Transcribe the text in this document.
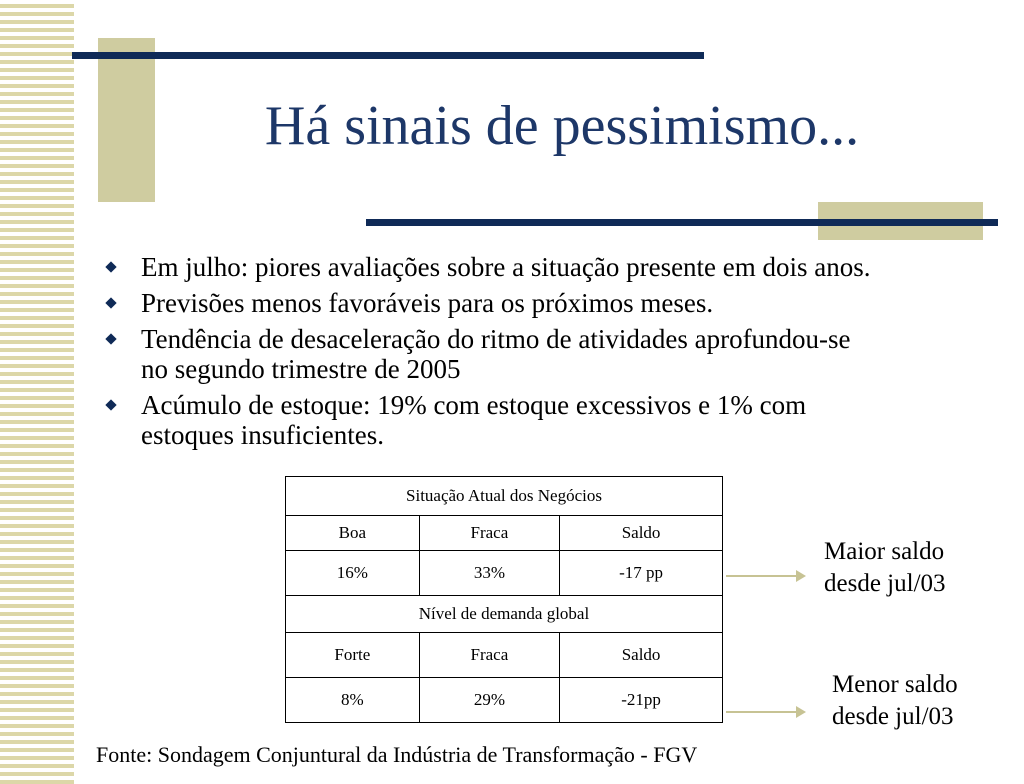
Há sinais de pessimismo...
Em julho: piores avaliações sobre a situação presente em dois anos.
Previsões menos favoráveis para os próximos meses.
Tendência de desaceleração do ritmo de atividades aprofundou-se
no segundo trimestre de 2005
Acúmulo de estoque: 19% com estoque excessivos e 1% com
estoques insuficientes.
Situação Atual dos Negócios		
Boa	Fraca	Saldo
16%	33%	-17 pp
Nível de demanda global		
Forte	Fraca	Saldo
8%	29%	-21pp
Maior saldo
desde jul/03
Menor saldo
desde jul/03
Fonte: Sondagem Conjuntural da Indústria de Transformação - FGV
